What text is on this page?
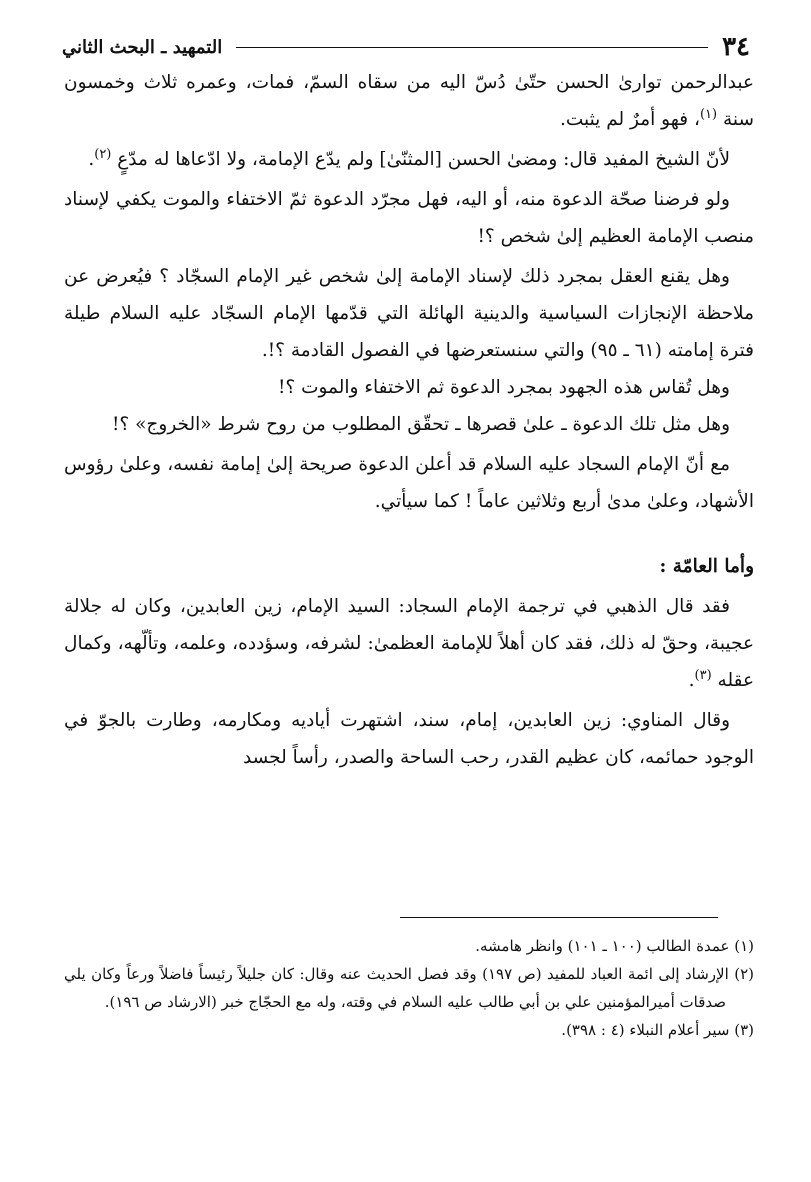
٣٤
التمهيد ـ البحث الثاني

عبدالرحمن توارىٰ الحسن حتّىٰ دُسّ اليه من سقاه السمّ، فمات، وعمره ثلاث وخمسون سنة $^{(١)}$، فهو أمرٌ لم يثبت.

لأنّ الشيخ المفيد قال: ومضىٰ الحسن [المثنّىٰ] ولم يدّع الإمامة، ولا ادّعاها له مدّعٍ $^{(٢)}$.

ولو فرضنا صحّة الدعوة منه، أو اليه، فهل مجرّد الدعوة ثمّ الاختفاء والموت يكفي لإسناد منصب الإمامة العظيم إلىٰ شخص ؟!

وهل يقنع العقل بمجرد ذلك لإسناد الإمامة إلىٰ شخص غير الإمام السجّاد ؟ فيُعرض عن ملاحظة الإنجازات السياسية والدينية الهائلة التي قدّمها الإمام السجّاد عليه السلام طيلة فترة إمامته (٦١ ـ ٩٥) والتي سنستعرضها في الفصول القادمة ؟!.

وهل تُقاس هذه الجهود بمجرد الدعوة ثم الاختفاء والموت ؟!

وهل مثل تلك الدعوة ـ علىٰ قصرها ـ تحقّق المطلوب من روح شرط «الخروج» ؟!

مع أنّ الإمام السجاد عليه السلام قد أعلن الدعوة صريحة إلىٰ إمامة نفسه، وعلىٰ رؤوس الأشهاد، وعلىٰ مدىٰ أربع وثلاثين عاماً ! كما سيأتي.

وأما العامّة :

فقد قال الذهبي في ترجمة الإمام السجاد: السيد الإمام، زين العابدين، وكان له جلالة عجيبة، وحقّ له ذلك، فقد كان أهلاً للإمامة العظمىٰ: لشرفه، وسؤدده، وعلمه، وتألّهه، وكمال عقله $^{(٣)}$.

وقال المناوي: زين العابدين، إمام، سند، اشتهرت أياديه ومكارمه، وطارت بالجوّ في الوجود حمائمه، كان عظيم القدر، رحب الساحة والصدر، رأساً لجسد

(١) عمدة الطالب (١٠٠ ـ ١٠١) وانظر هامشه.

(٢) الإرشاد إلى ائمة العباد للمفيد (ص ١٩٧) وقد فصل الحديث عنه وقال: كان جليلاً رئيساً فاضلاً ورعاً وكان يلي صدقات أميرالمؤمنين علي بن أبي طالب عليه السلام في وقته، وله مع الحجّاج خبر (الارشاد ص ١٩٦).

(٣) سير أعلام النبلاء (٤ : ٣٩٨).
